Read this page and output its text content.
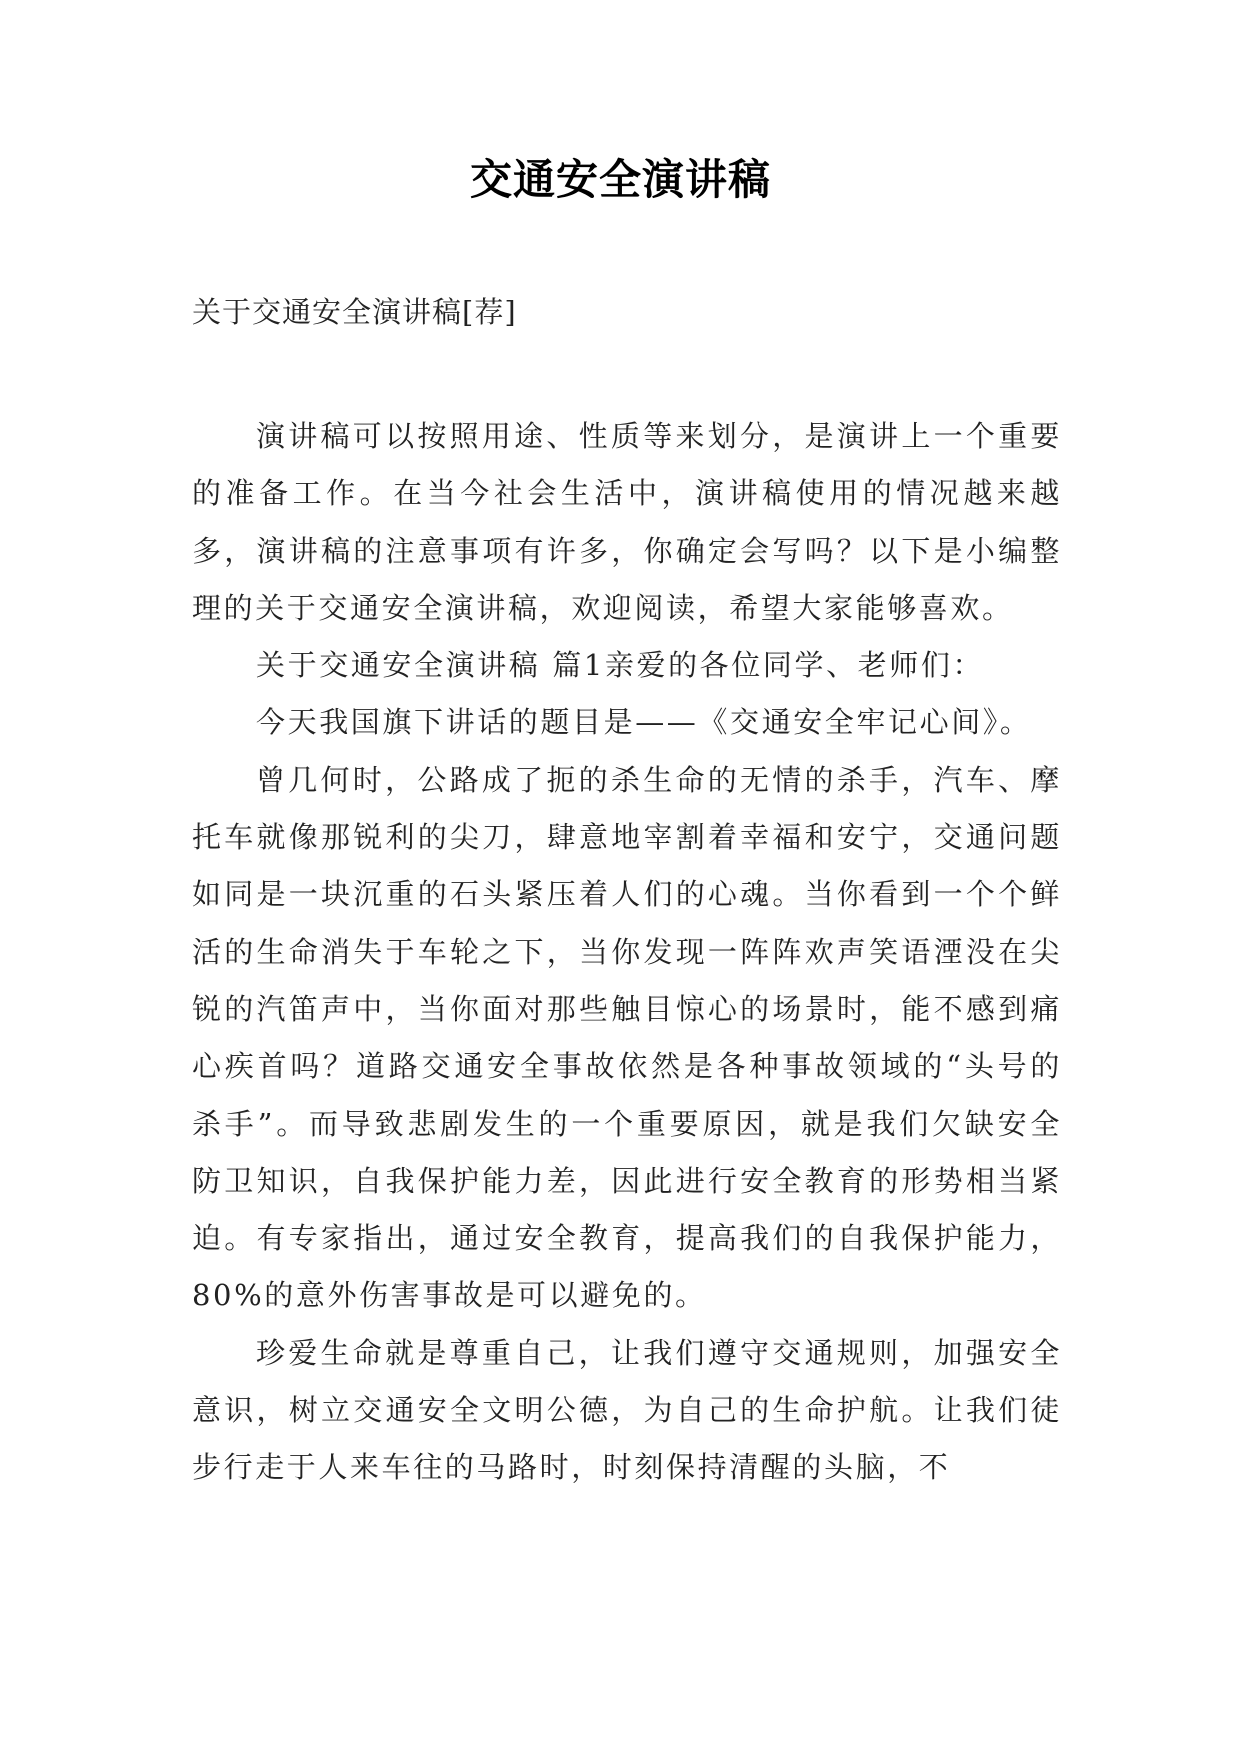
交通安全演讲稿
关于交通安全演讲稿[荐]

演讲稿可以按照用途、性质等来划分，是演讲上一个重要的准备工作。在当今社会生活中，演讲稿使用的情况越来越多，演讲稿的注意事项有许多，你确定会写吗？以下是小编整理的关于交通安全演讲稿，欢迎阅读，希望大家能够喜欢。

关于交通安全演讲稿 篇1亲爱的各位同学、老师们：

今天我国旗下讲话的题目是——《交通安全牢记心间》。

曾几何时，公路成了扼的杀生命的无情的杀手，汽车、摩托车就像那锐利的尖刀，肆意地宰割着幸福和安宁，交通问题如同是一块沉重的石头紧压着人们的心魂。当你看到一个个鲜活的生命消失于车轮之下，当你发现一阵阵欢声笑语湮没在尖锐的汽笛声中，当你面对那些触目惊心的场景时，能不感到痛心疾首吗？道路交通安全事故依然是各种事故领域的“头号的杀手”。而导致悲剧发生的一个重要原因，就是我们欠缺安全防卫知识，自我保护能力差，因此进行安全教育的形势相当紧迫。有专家指出，通过安全教育，提高我们的自我保护能力，80%的意外伤害事故是可以避免的。

珍爱生命就是尊重自己，让我们遵守交通规则，加强安全意识，树立交通安全文明公德，为自己的生命护航。让我们徒步行走于人来车往的马路时，时刻保持清醒的头脑，不
